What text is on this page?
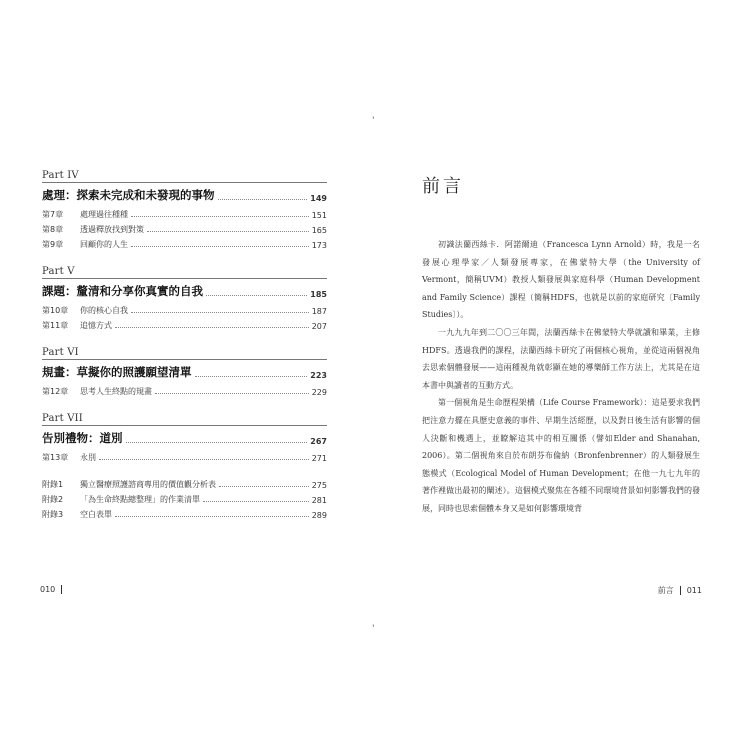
'
'
Part IV
處理：探索未完成和未發現的事物	149
第7章	處理過往種種	151
第8章	透過釋放找到對策	165
第9章	回顧你的人生	173
Part V
課題：釐清和分享你真實的自我	185
第10章	你的核心自我	187
第11章	追憶方式	207
Part VI
規畫：草擬你的照護願望清單	223
第12章	思考人生終點的規畫	229
Part VII
告別禮物：道別	267
第13章	永別	271
附錄1	獨立醫療照護諮商專用的價值觀分析表	275
附錄2	「為生命終點總整理」的作業清單	281
附錄3	空白表單	289
010
前言

初識法蘭西絲卡．阿諾爾迪（Francesca Lynn Arnold）時，我是一名發展心理學家／人類發展專家，在佛蒙特大學（the University of Vermont，簡稱UVM）教授人類發展與家庭科學（Human Development and Family Science）課程（簡稱HDFS，也就是以前的家庭研究〔Family Studies〕）。

一九九九年到二〇〇三年間，法蘭西絲卡在佛蒙特大學就讀和畢業，主修HDFS。透過我們的課程，法蘭西絲卡研究了兩個核心視角，並從這兩個視角去思索個體發展——這兩種視角就彰顯在她的導樂師工作方法上，尤其是在這本書中與讀者的互動方式。

第一個視角是生命歷程架構（Life Course Framework）：這是要求我們把注意力擺在具歷史意義的事件、早期生活經歷，以及對日後生活有影響的個人決斷和機遇上，並瞭解這其中的相互關係（譬如Elder and Shanahan, 2006）。第二個視角來自於布朗芬布倫納（Bronfenbrenner）的人類發展生態模式（Ecological Model of Human Development；在他一九七九年的著作裡做出最初的闡述）。這個模式聚焦在各種不同環境背景如何影響我們的發展，同時也思索個體本身又是如何影響環境背

前言 011
